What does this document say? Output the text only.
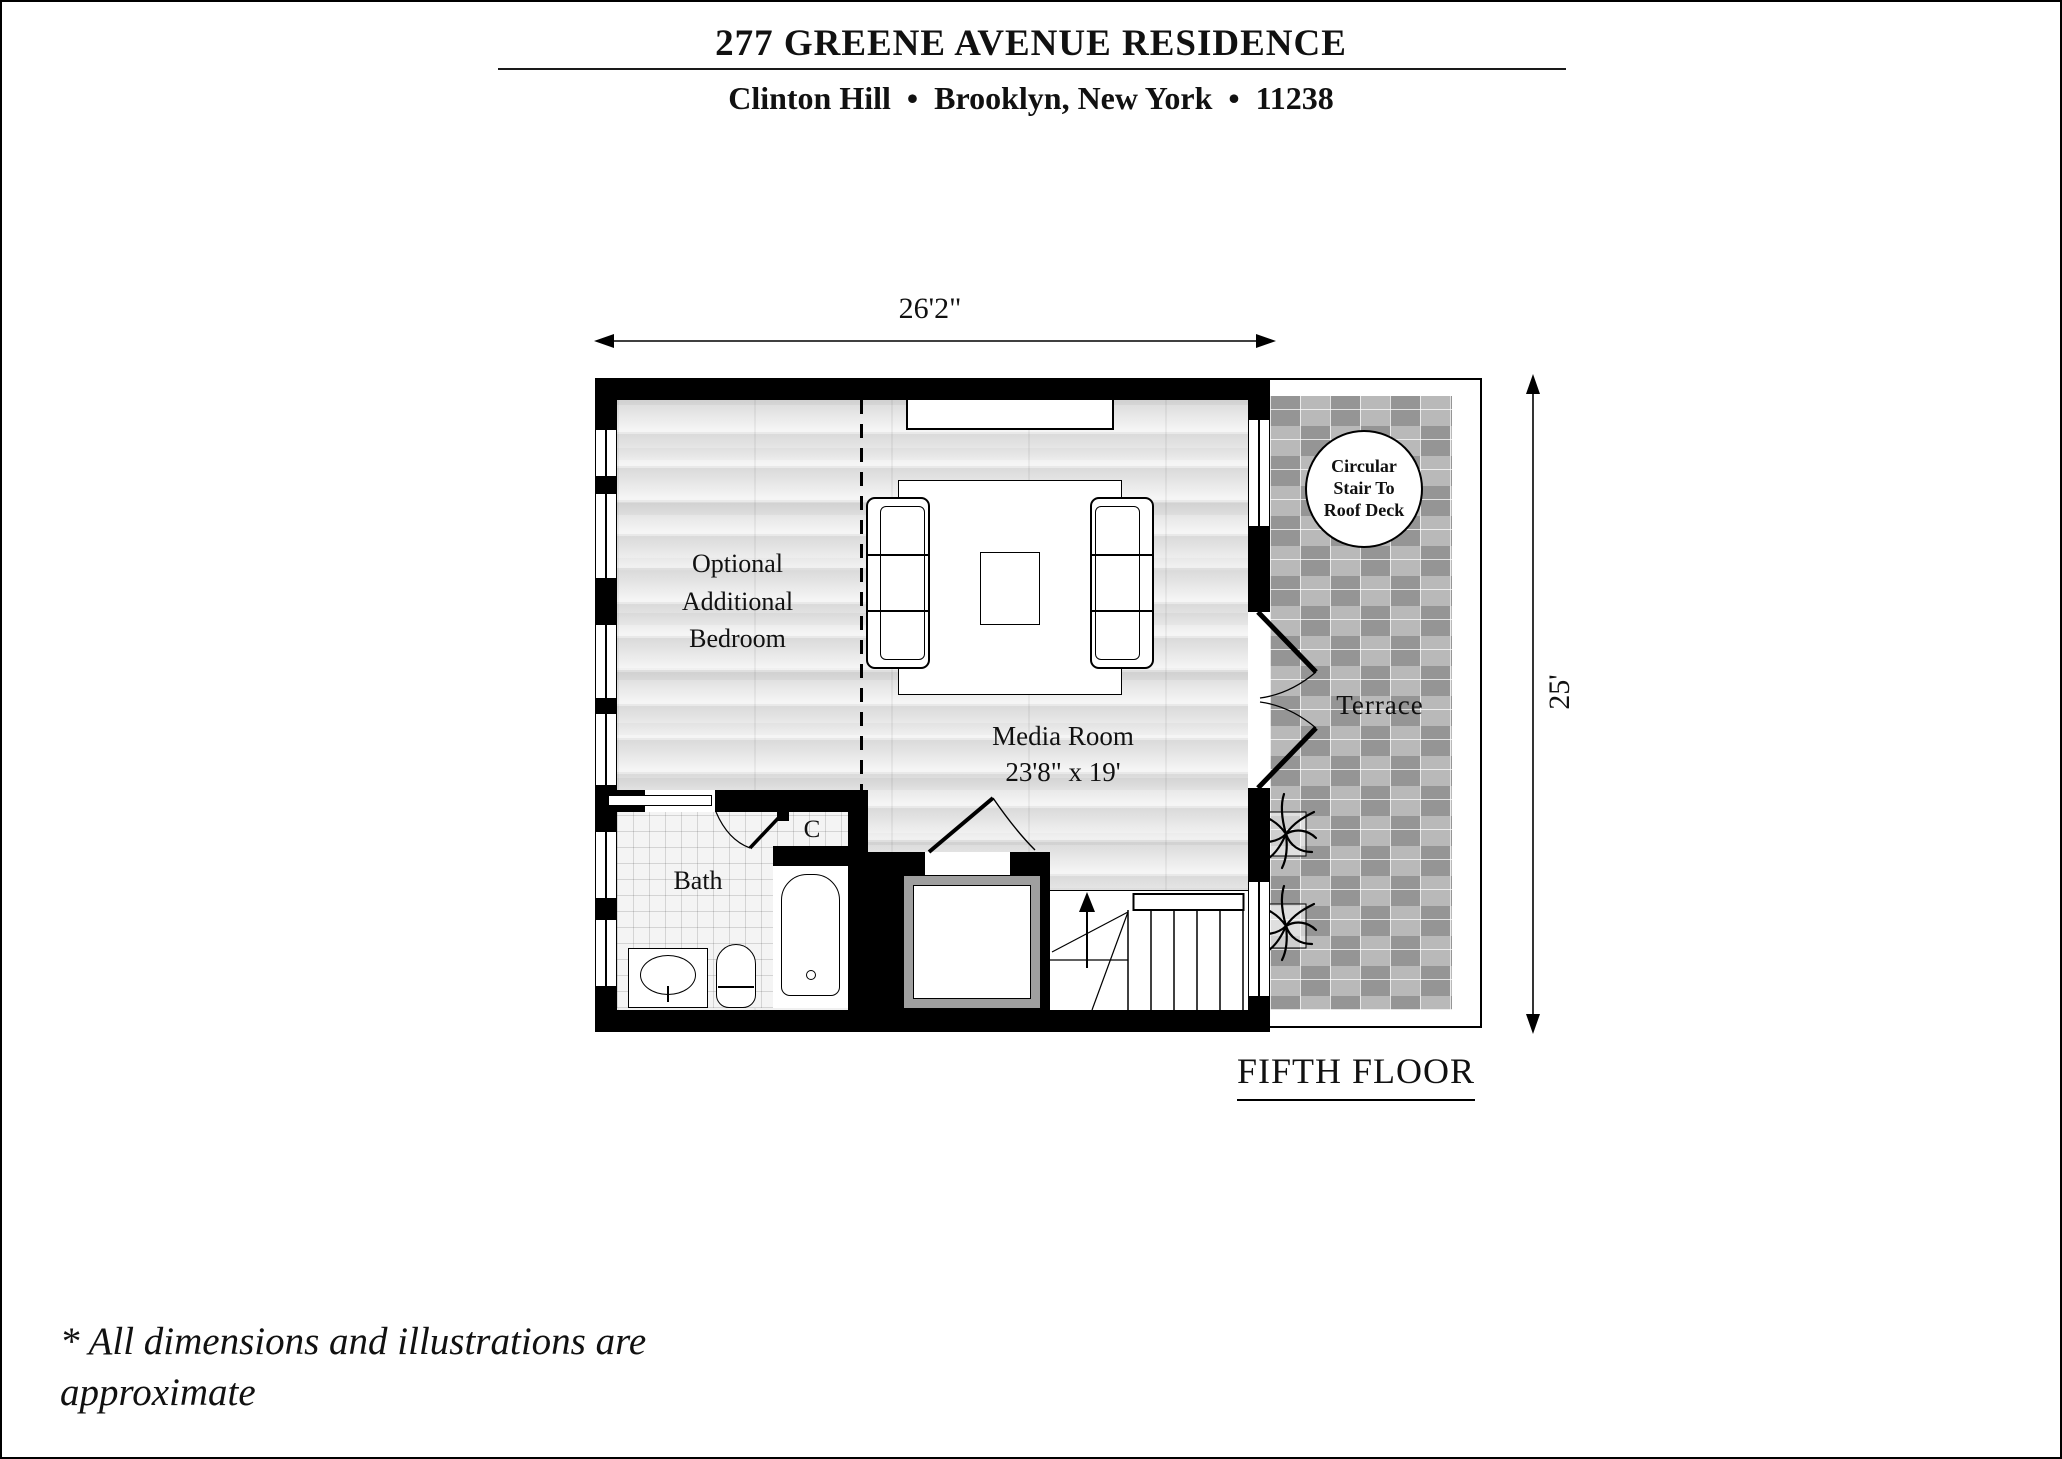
277 GREENE AVENUE RESIDENCE
Clinton Hill  •  Brooklyn, New York  •  11238
26'2"
Circular
Stair To
Roof Deck
Terrace
Optional
Additional
Bedroom
Media Room
23'8" x 19'
Bath
C
25'
FIFTH FLOOR
* All dimensions and illustrations are
approximate
